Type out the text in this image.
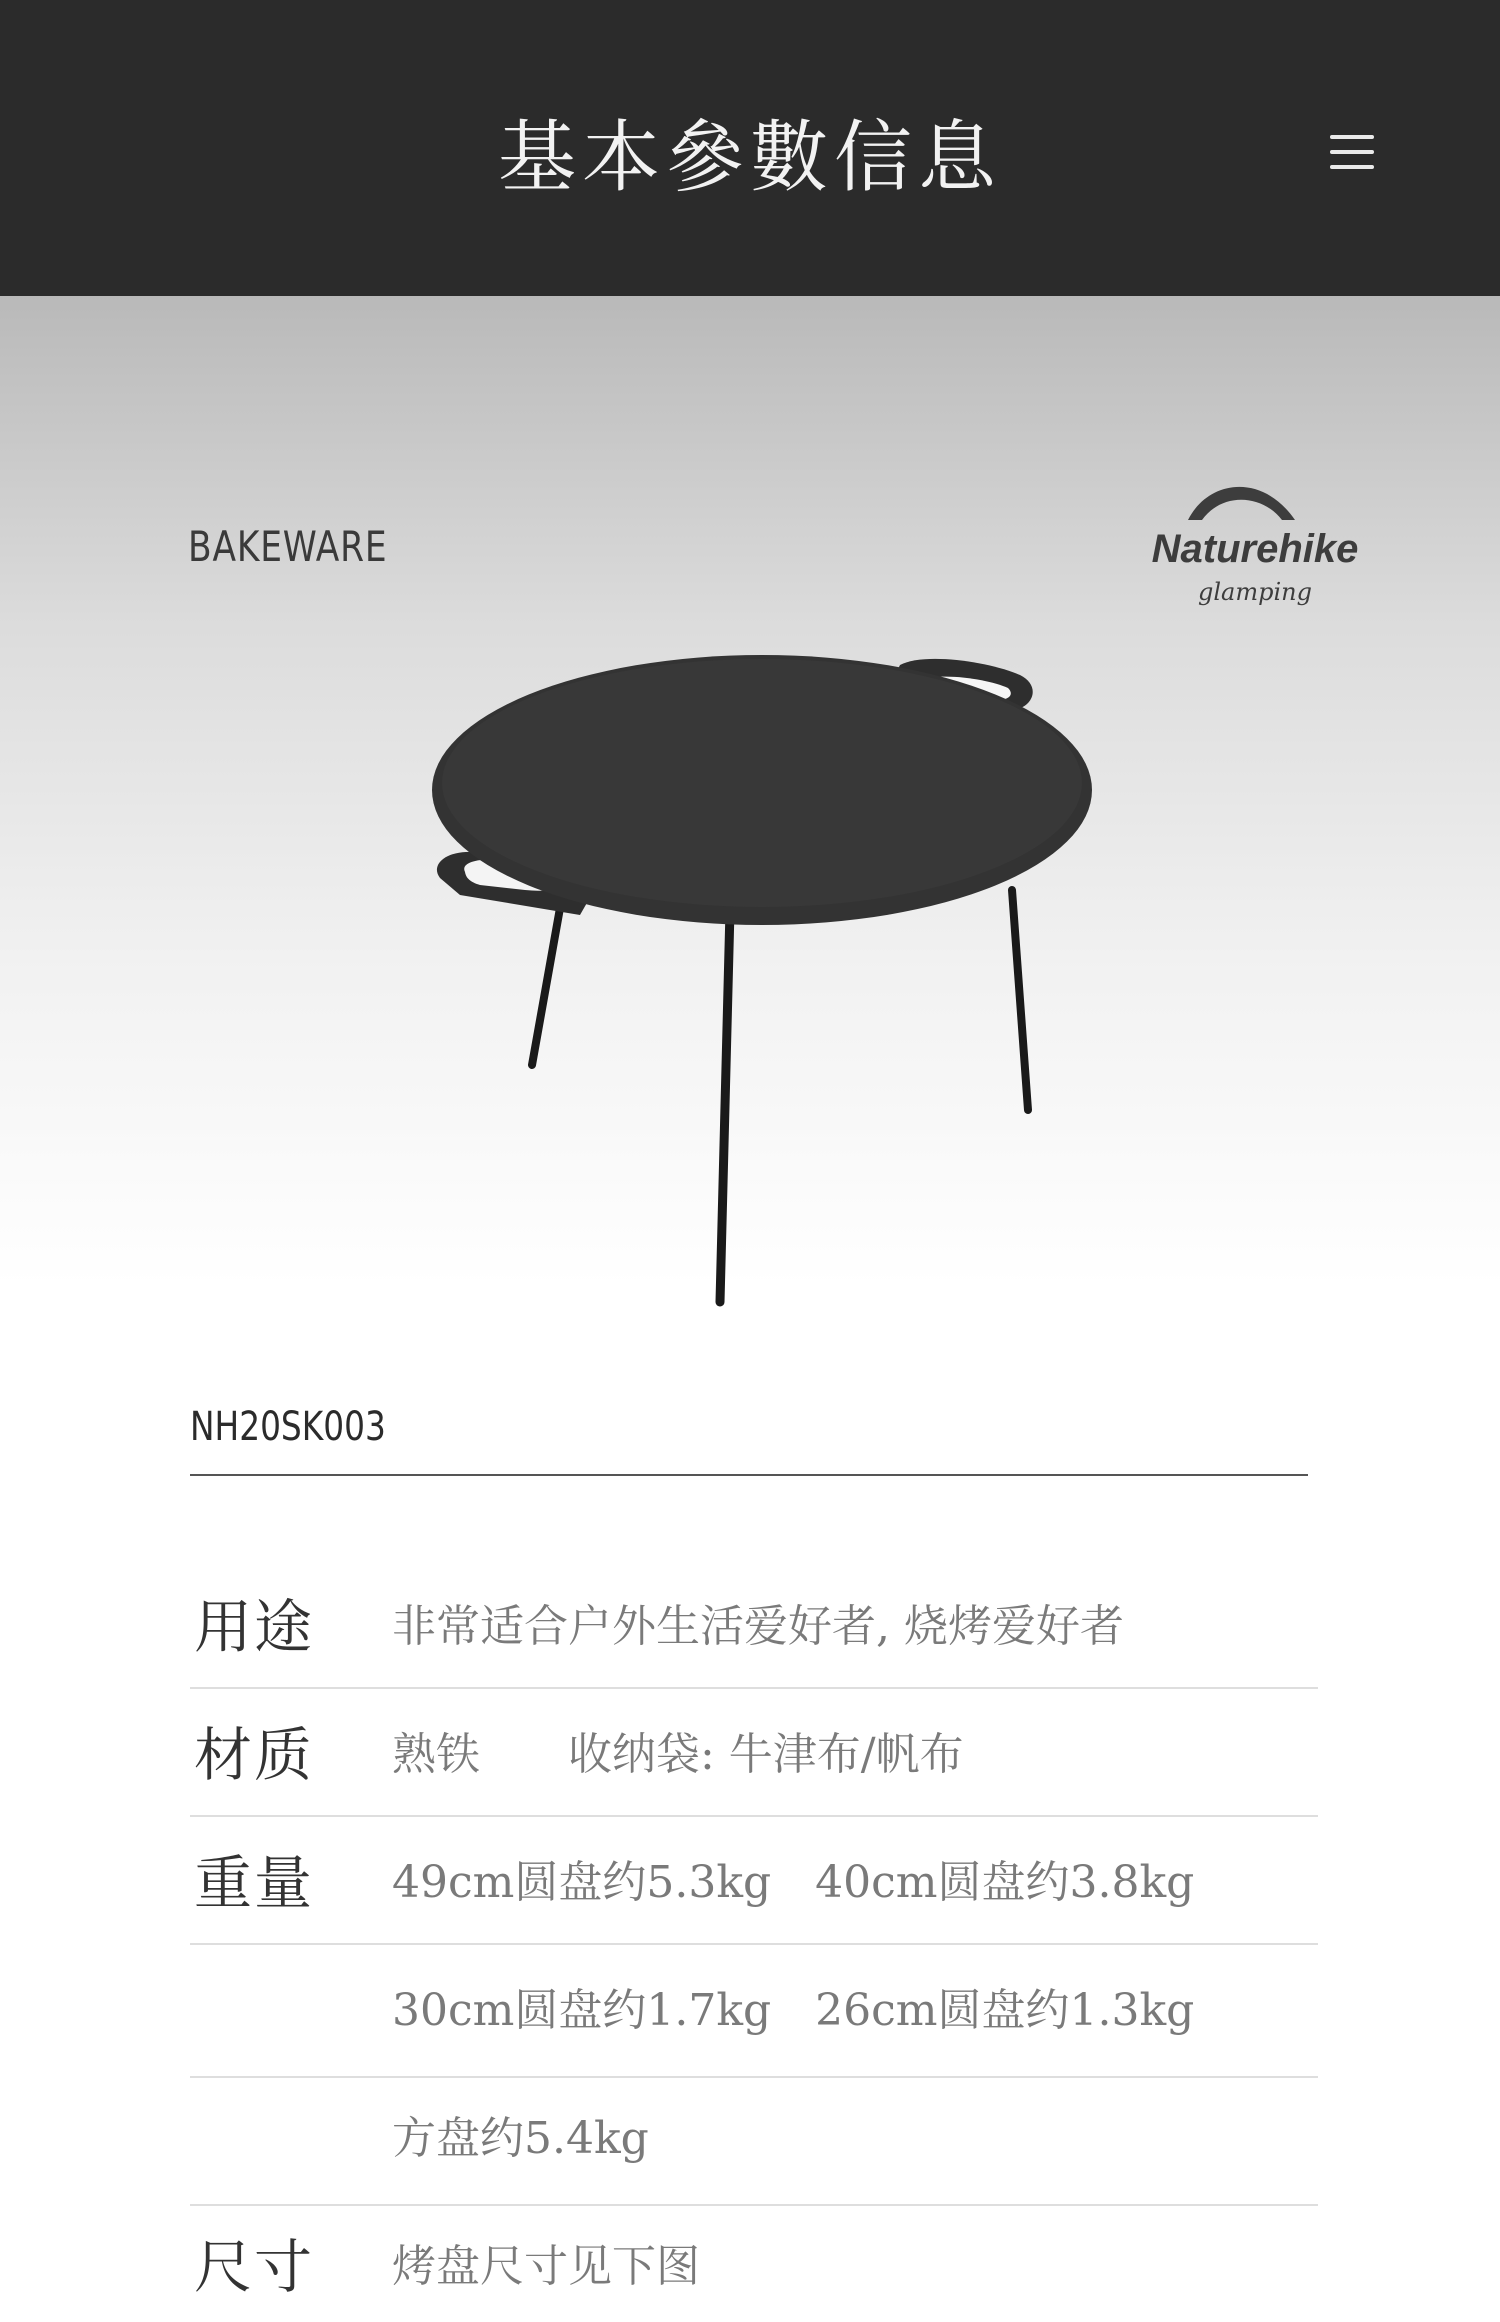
基本參數信息
BAKEWARE	Naturehike
glamping
NH20SK003
用途 非常适合户外生活爱好者, 烧烤爱好者
材质 熟铁　　收纳袋: 牛津布/帆布
重量 49cm圆盘约5.3kg　40cm圆盘约3.8kg
30cm圆盘约1.7kg　26cm圆盘约1.3kg
方盘约5.4kg
尺寸 烤盘尺寸见下图
